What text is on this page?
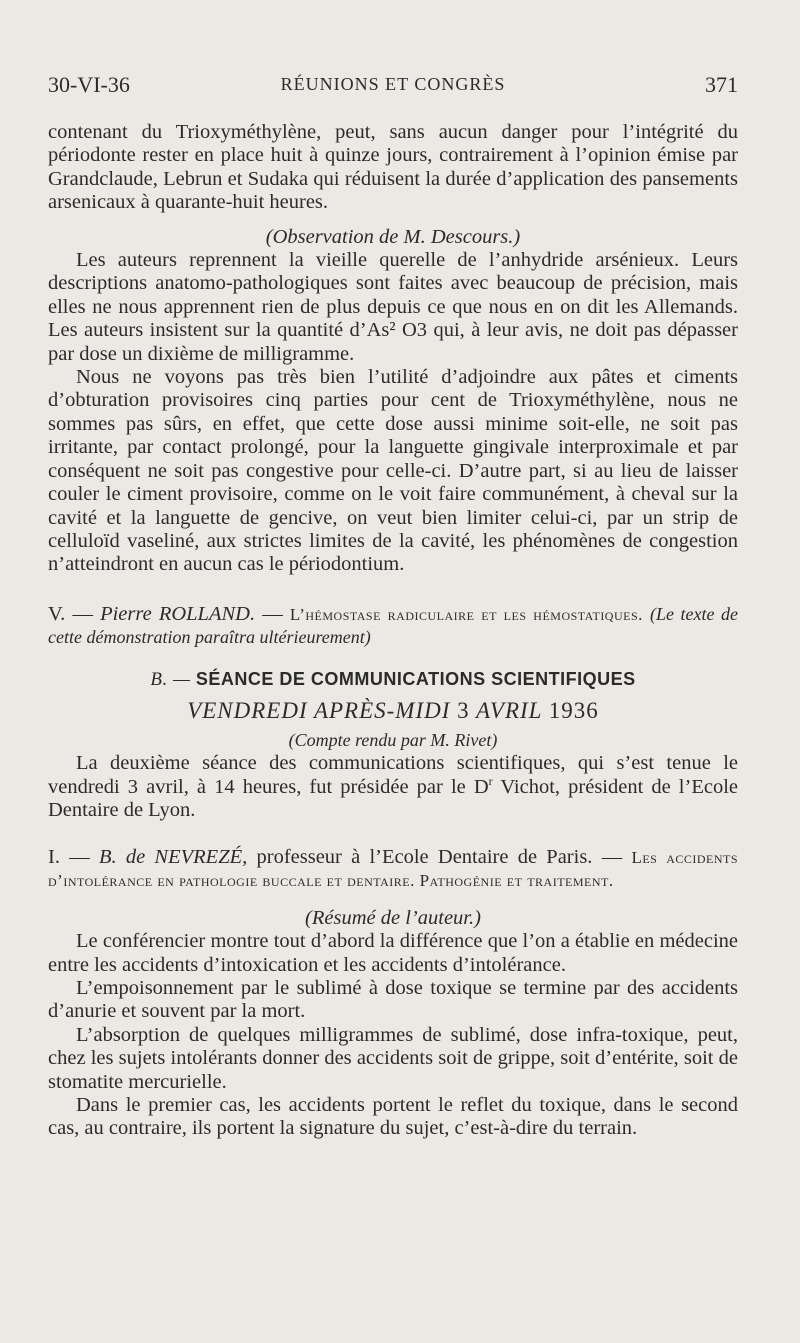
30-VI-36	RÉUNIONS ET CONGRÈS	371

contenant du Trioxyméthylène, peut, sans aucun danger pour l’intégrité du périodonte rester en place huit à quinze jours, contrairement à l’opinion émise par Grandclaude, Lebrun et Sudaka qui réduisent la durée d’application des pansements arsenicaux à quarante-huit heures.

(Observation de M. Descours.)

Les auteurs reprennent la vieille querelle de l’anhydride arsénieux. Leurs descriptions anatomo-pathologiques sont faites avec beaucoup de précision, mais elles ne nous apprennent rien de plus depuis ce que nous en on dit les Allemands. Les auteurs insistent sur la quantité d’As² O3 qui, à leur avis, ne doit pas dépasser par dose un dixième de milligramme.

Nous ne voyons pas très bien l’utilité d’adjoindre aux pâtes et ciments d’obturation provisoires cinq parties pour cent de Trioxyméthylène, nous ne sommes pas sûrs, en effet, que cette dose aussi minime soit-elle, ne soit pas irritante, par contact prolongé, pour la languette gingivale interproximale et par conséquent ne soit pas congestive pour celle-ci. D’autre part, si au lieu de laisser couler le ciment provisoire, comme on le voit faire communément, à cheval sur la cavité et la languette de gencive, on veut bien limiter celui-ci, par un strip de celluloïd vaseliné, aux strictes limites de la cavité, les phénomènes de congestion n’atteindront en aucun cas le périodontium.

V. — Pierre ROLLAND. — L’hémostase radiculaire et les hémostatiques. (Le texte de cette démonstration paraîtra ultérieurement)

B. — SÉANCE DE COMMUNICATIONS SCIENTIFIQUES

VENDREDI APRÈS-MIDI 3 AVRIL 1936

(Compte rendu par M. Rivet)

La deuxième séance des communications scientifiques, qui s’est tenue le vendredi 3 avril, à 14 heures, fut présidée par le $D^r$ Vichot, président de l’Ecole Dentaire de Lyon.

I. — B. de NEVREZÉ, professeur à l’Ecole Dentaire de Paris. — Les accidents d’intolérance en pathologie buccale et dentaire. Pathogénie et traitement.

(Résumé de l’auteur.)

Le conférencier montre tout d’abord la différence que l’on a établie en médecine entre les accidents d’intoxication et les accidents d’intolérance.

L’empoisonnement par le sublimé à dose toxique se termine par des accidents d’anurie et souvent par la mort.

L’absorption de quelques milligrammes de sublimé, dose infra-toxique, peut, chez les sujets intolérants donner des accidents soit de grippe, soit d’entérite, soit de stomatite mercurielle.

Dans le premier cas, les accidents portent le reflet du toxique, dans le second cas, au contraire, ils portent la signature du sujet, c’est-à-dire du terrain.
